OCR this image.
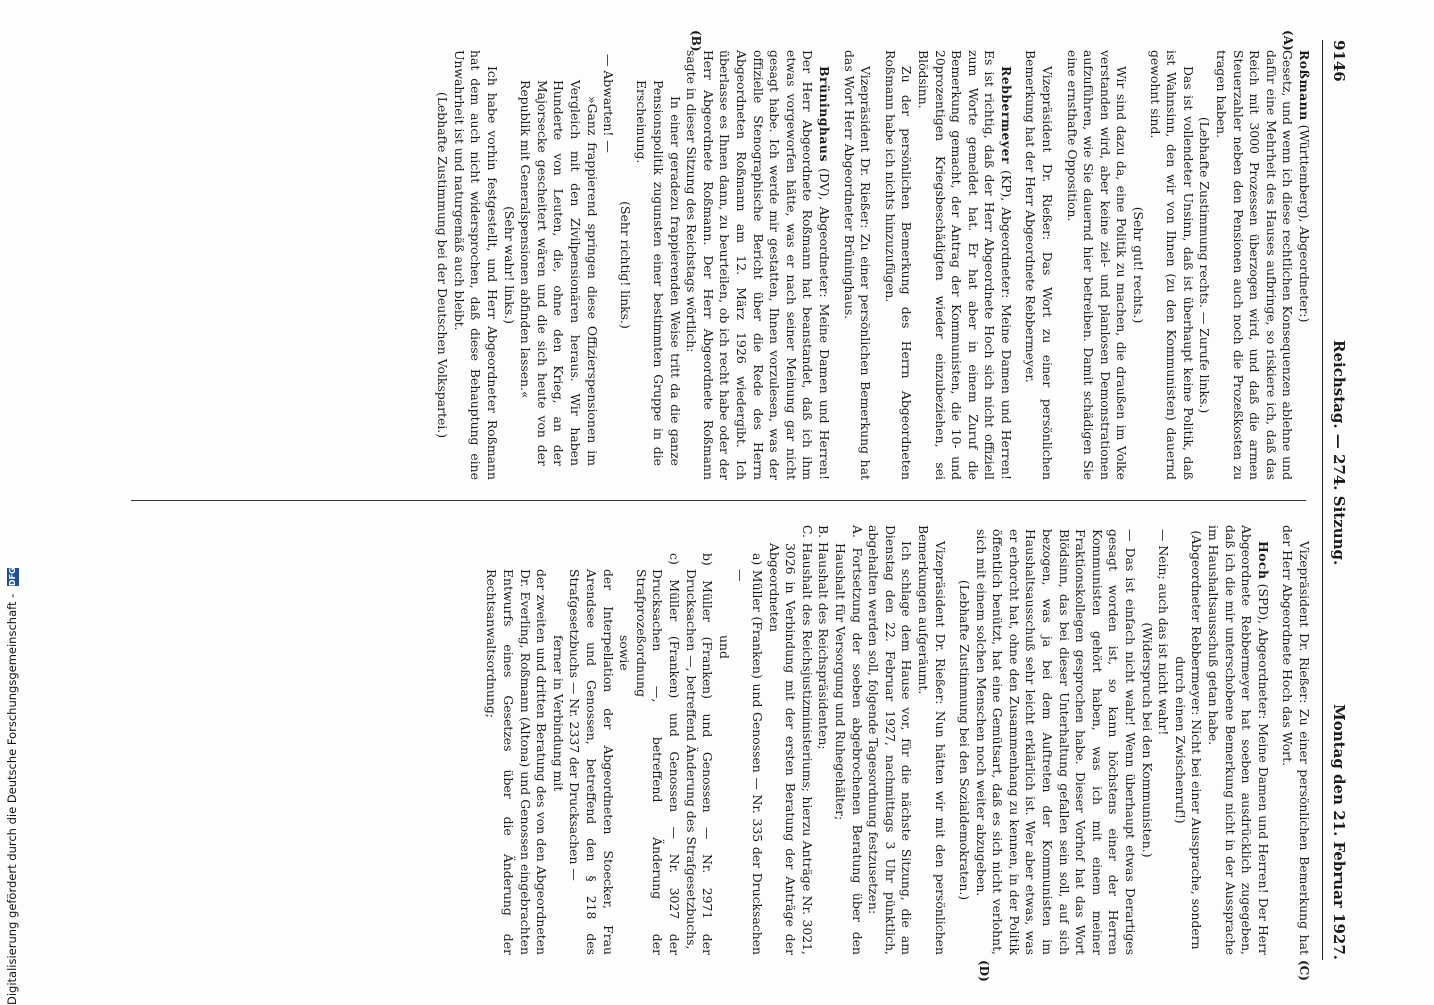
9146
Reichstag. — 274. Sitzung.
Montag den 21. Februar 1927.
(A)
(B)
(C)
(D)

Roßmann (Württemberg), Abgeordneter:)

Gesetz, und wenn ich diese rechtlichen Konsequenzen ablehne und dafür eine Mehrheit des Hauses aufbringe, so riskiere ich, daß das Reich mit 3000 Prozessen überzogen wird, und daß die armen Steuerzahler neben den Pensionen auch noch die Prozeßkosten zu tragen haben.

(Lebhafte Zustimmung rechts. — Zurufe links.)

Das ist vollendeter Unsinn, daß ist überhaupt keine Politik, daß ist Wahnsinn, den wir von Ihnen (zu den Kommunisten) dauernd gewohnt sind.

(Sehr gut! rechts.)

Wir sind dazu da, eine Politik zu machen, die draußen im Volke verstanden wird, aber keine ziel- und planlosen Demonstrationen aufzuführen, wie Sie dauernd hier betreiben. Damit schädigen Sie eine ernsthafte Opposition.

Vizepräsident Dr. Rießer: Das Wort zu einer persönlichen Bemerkung hat der Herr Abgeordnete Rebbermeyer.

Rebbermeyer (KP), Abgeordneter: Meine Damen und Herren! Es ist richtig, daß der Herr Abgeordnete Hoch sich nicht offiziell zum Worte gemeldet hat. Er hat aber in einem Zuruf die Bemerkung gemacht, der Antrag der Kommunisten, die 10- und 20prozentigen Kriegsbeschädigten wieder einzubeziehen, sei Blödsinn.

Zu der persönlichen Bemerkung des Herrn Abgeordneten Roßmann habe ich nichts hinzuzufügen.

Vizepräsident Dr. Rießer: Zu einer persönlichen Bemerkung hat das Wort Herr Abgeordneter Brüninghaus.

Brüninghaus (DV), Abgeordneter: Meine Damen und Herren! Der Herr Abgeordnete Roßmann hat beanstandet, daß ich ihm etwas vorgeworfen hätte, was er nach seiner Meinung gar nicht gesagt habe. Ich werde mir gestatten, Ihnen vorzulesen, was der offizielle Stenographische Bericht über die Rede des Herrn Abgeordneten Roßmann am 12. März 1926 wiedergibt. Ich überlasse es Ihnen dann, zu beurteilen, ob ich recht habe oder der Herr Abgeordnete Roßmann. Der Herr Abgeordnete Roßmann sagte in dieser Sitzung des Reichstags wörtlich:

In einer geradezu frappierenden Weise tritt da die ganze Pensionspolitik zugunsten einer bestimmten Gruppe in die Erscheinung.

(Sehr richtig! links.)

— Abwarten! —

»Ganz frappierend springen diese Offizierspensionen im Vergleich mit den Zivilpensionären heraus. Wir haben Hunderte von Leuten, die, ohne den Krieg, an der Majorsecke gescheitert wären und die sich heute von der Republik mit Generalspensionen abfinden lassen.«

(Sehr wahr! links.)

Ich habe vorhin festgestellt, und Herr Abgeordneter Roßmann hat dem auch nicht widersprochen, daß diese Behauptung eine Unwahrheit ist und naturgemäß auch bleibt.

(Lebhafte Zustimmung bei der Deutschen Volkspartei.)

Vizepräsident Dr. Rießer: Zu einer persönlichen Bemerkung hat der Herr Abgeordnete Hoch das Wort.

Hoch (SPD), Abgeordneter: Meine Damen und Herren! Der Herr Abgeordnete Rebbermeyer hat soeben ausdrücklich zugegeben, daß ich die mir unterschobene Bemerkung nicht in der Aussprache im Haushaltsausschuß getan habe.

(Abgeordneter Rebbermeyer: Nicht bei einer Aussprache, sondern durch einen Zwischenruf!)

— Nein; auch das ist nicht wahr!

(Widerspruch bei den Kommunisten.)

— Das ist einfach nicht wahr! Wenn überhaupt etwas Derartiges gesagt worden ist, so kann höchstens einer der Herren Kommunisten gehört haben, was ich mit einem meiner Fraktionskollegen gesprochen habe. Dieser Vorhof hat das Wort Blödsinn, das bei dieser Unterhaltung gefallen sein soll, auf sich bezogen, was ja bei dem Auftreten der Kommunisten im Haushaltsausschuß sehr leicht erklärlich ist. Wer aber etwas, was er erhorcht hat, ohne den Zusammenhang zu kennen, in der Politik öffentlich benützt, hat eine Gemütsart, daß es sich nicht verlohnt, sich mit einem solchen Menschen noch weiter abzugeben.

(Lebhafte Zustimmung bei den Sozialdemokraten.)

Vizepräsident Dr. Rießer: Nun hätten wir mit den persönlichen Bemerkungen aufgeräumt.

Ich schlage dem Hause vor, für die nächste Sitzung, die am Dienstag den 22. Februar 1927, nachmittags 3 Uhr pünktlich, abgehalten werden soll, folgende Tagesordnung festzusetzen:

A. Fortsetzung der soeben abgebrochenen Beratung über den Haushalt für Versorgung und Ruhegehälter;

B. Haushalt des Reichspräsidenten;

C. Haushalt des Reichsjustizministeriums; hierzu Anträge Nr. 3021, 3026 in Verbindung mit der ersten Beratung der Anträge der Abgeordneten

a) Müller (Franken) und Genossen — Nr. 335 der Drucksachen —

und

b) Müller (Franken) und Genossen — Nr. 2971 der Drucksachen —, betreffend Änderung des Strafgesetzbuchs,

c) Müller (Franken) und Genossen — Nr. 3027 der Drucksachen —, betreffend Änderung der Strafprozeßordnung

sowie

der Interpellation der Abgeordneten Stoecker, Frau Arendsee und Genossen, betreffend den § 218 des Strafgesetzbuchs — Nr. 2337 der Drucksachen —

ferner in Verbindung mit

der zweiten und dritten Beratung des von den Abgeordneten Dr. Everling, Roßmann (Altona) und Genossen eingebrachten Entwurfs eines Gesetzes über die Änderung der Rechtsanwaltsordnung;

Digitalisierung gefördert durch die Deutsche Forschungsgemeinschaft - DFG
